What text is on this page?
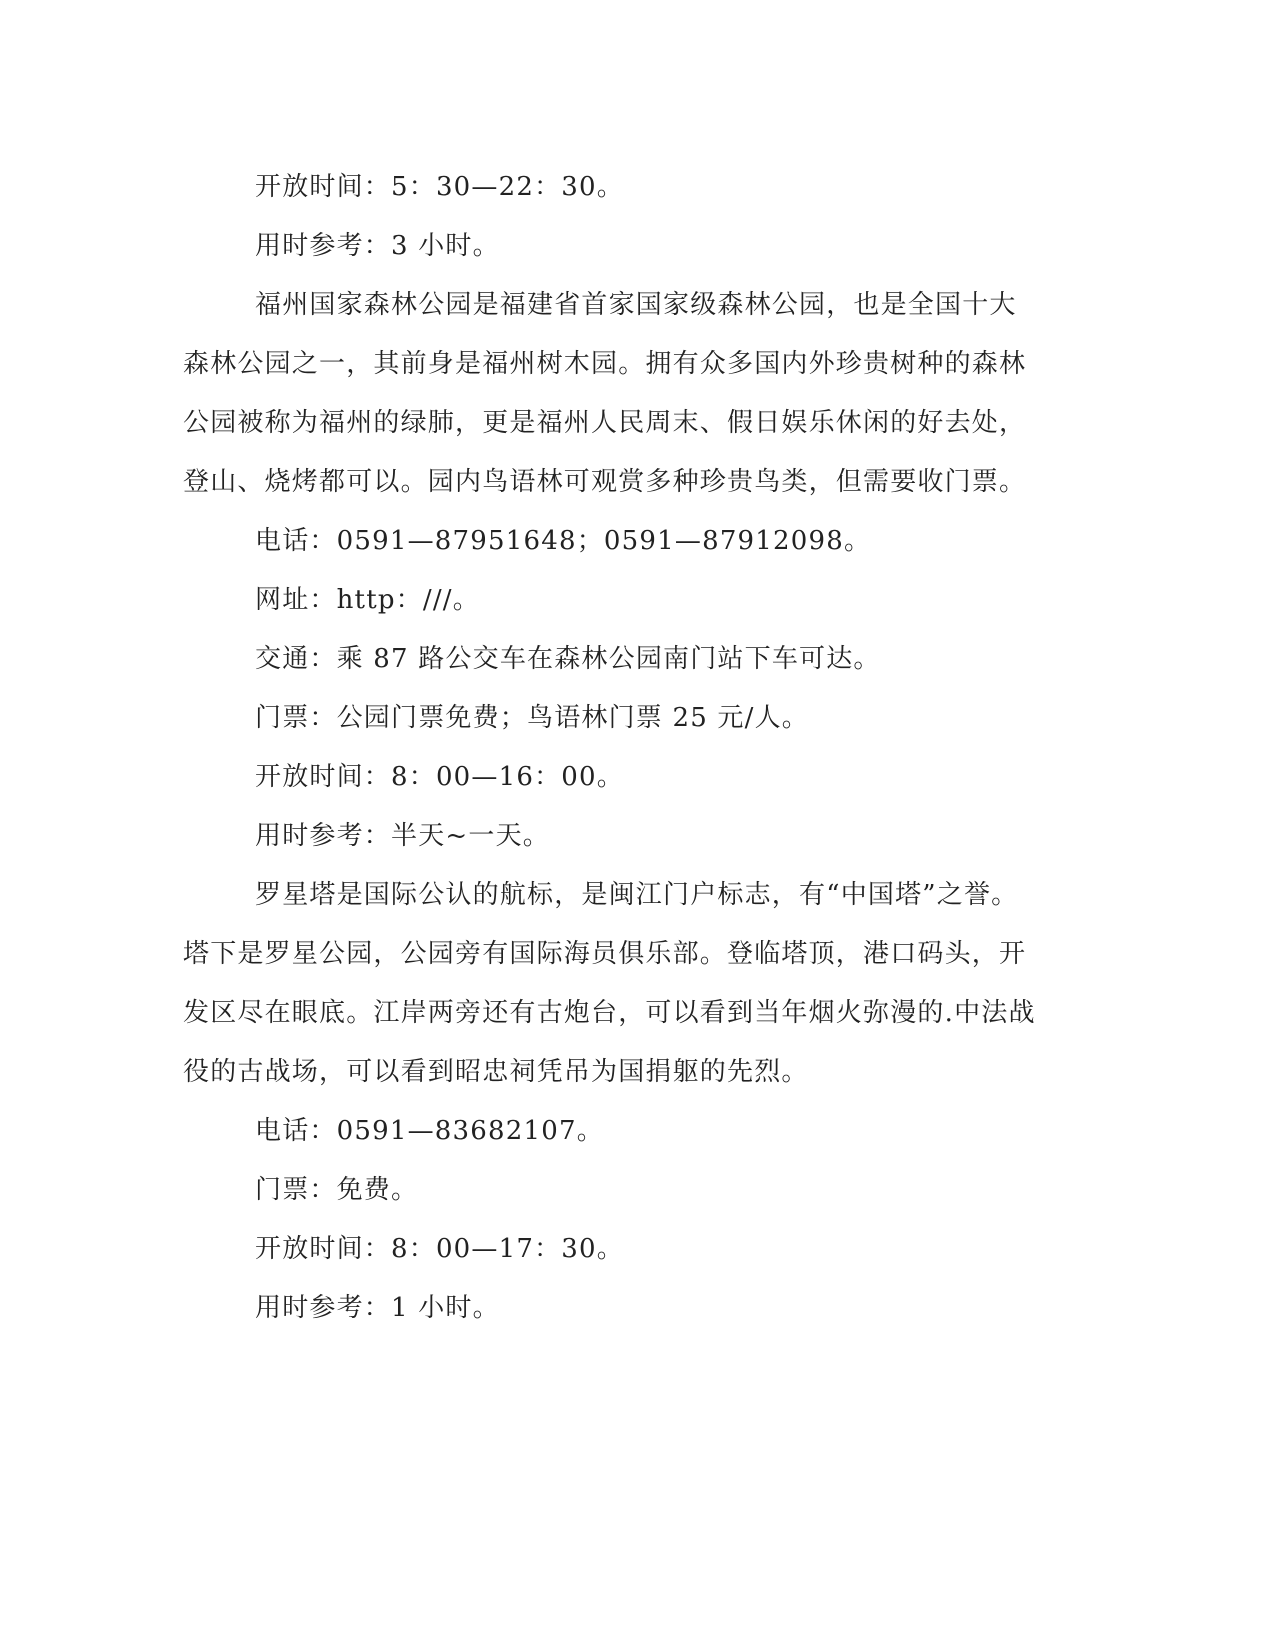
开放时间：5：30—22：30。

用时参考：3 小时。

福州国家森林公园是福建省首家国家级森林公园，也是全国十大森林公园之一，其前身是福州树木园。拥有众多国内外珍贵树种的森林公园被称为福州的绿肺，更是福州人民周末、假日娱乐休闲的好去处，登山、烧烤都可以。园内鸟语林可观赏多种珍贵鸟类，但需要收门票。

电话：0591—87951648；0591—87912098。

网址：http：///。

交通：乘 87 路公交车在森林公园南门站下车可达。

门票：公园门票免费；鸟语林门票 25 元/人。

开放时间：8：00—16：00。

用时参考：半天~一天。

罗星塔是国际公认的航标，是闽江门户标志，有“中国塔”之誉。塔下是罗星公园，公园旁有国际海员俱乐部。登临塔顶，港口码头，开发区尽在眼底。江岸两旁还有古炮台，可以看到当年烟火弥漫的.中法战役的古战场，可以看到昭忠祠凭吊为国捐躯的先烈。

电话：0591—83682107。

门票：免费。

开放时间：8：00—17：30。

用时参考：1 小时。
